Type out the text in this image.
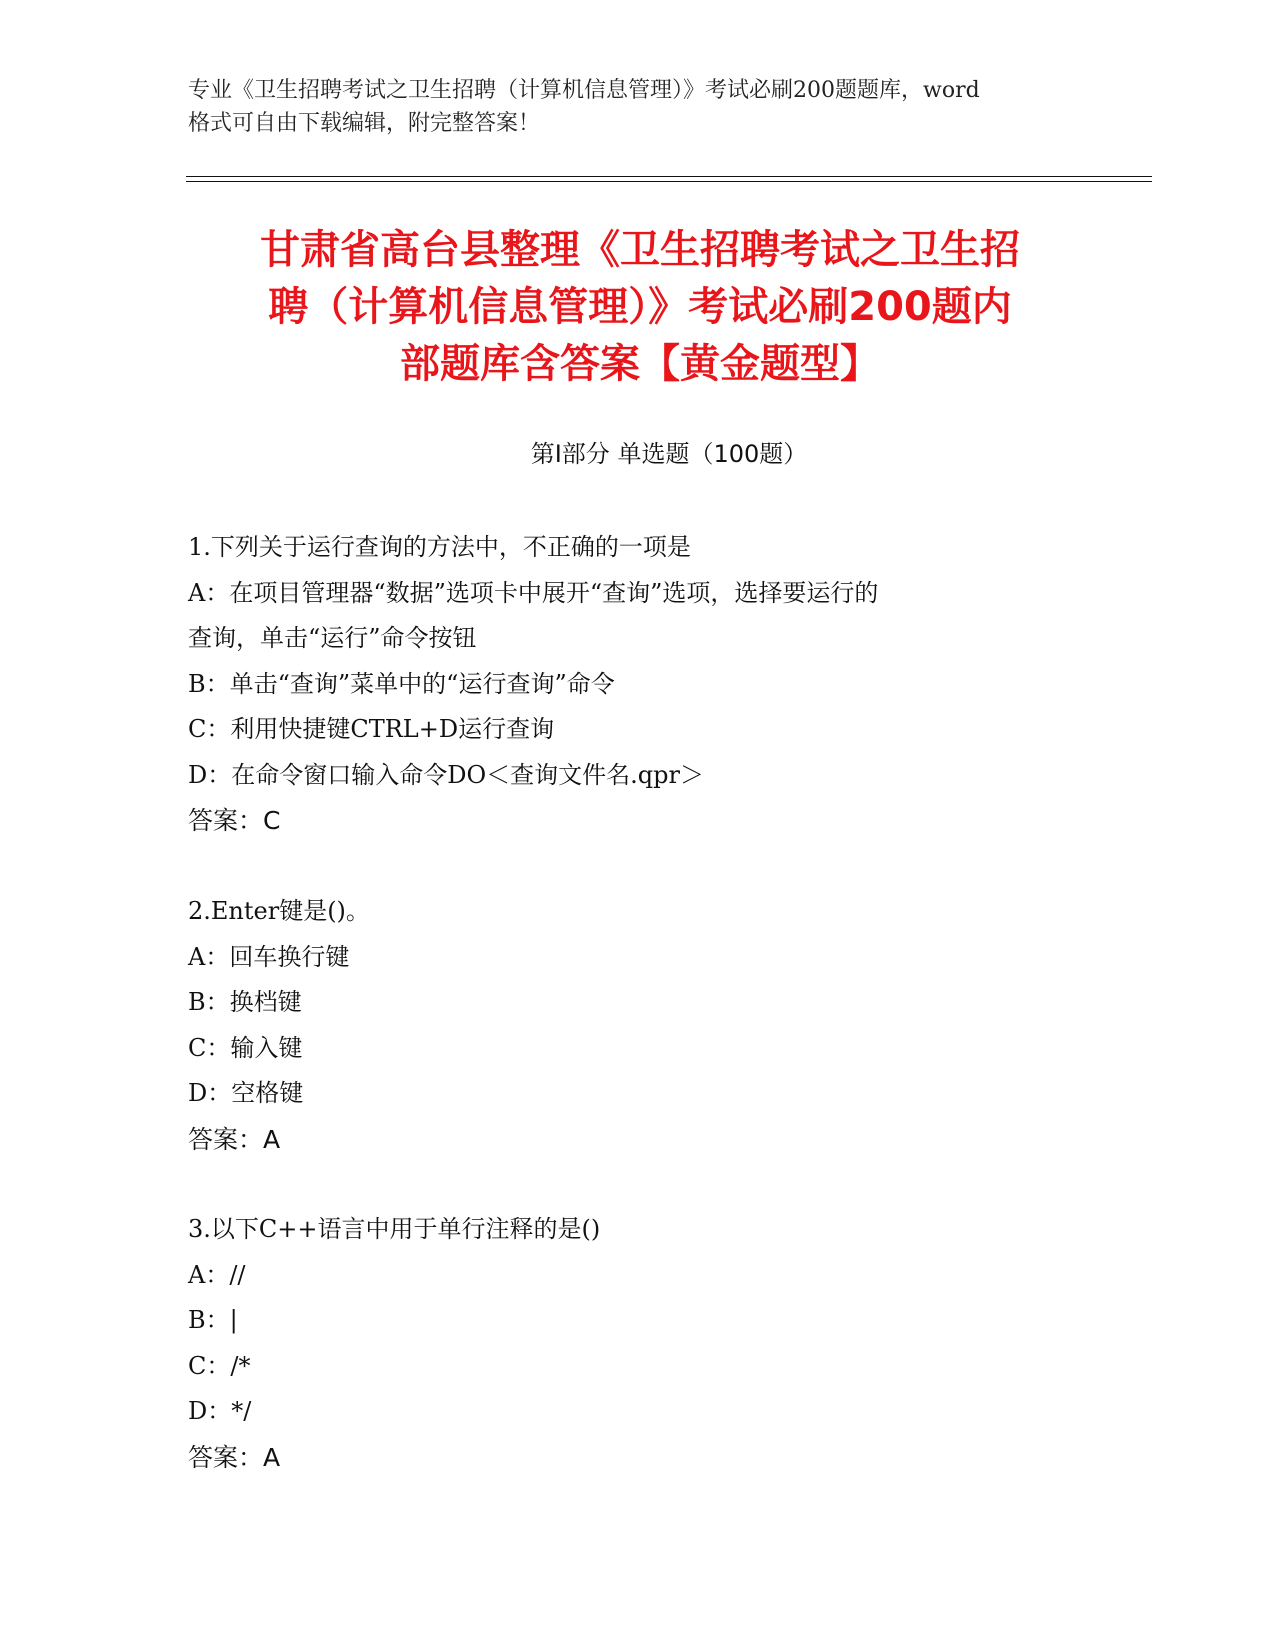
专业《卫生招聘考试之卫生招聘（计算机信息管理）》考试必刷200题题库，word
格式可自由下载编辑，附完整答案！
甘肃省高台县整理《卫生招聘考试之卫生招
聘（计算机信息管理）》考试必刷200题内
部题库含答案【黄金题型】
第Ⅰ部分 单选题（100题）

1.下列关于运行查询的方法中，不正确的一项是

A：在项目管理器“数据”选项卡中展开“查询”选项，选择要运行的

查询，单击“运行”命令按钮

B：单击“查询”菜单中的“运行查询”命令

C：利用快捷键CTRL+D运行查询

D：在命令窗口输入命令DO＜查询文件名.qpr＞

答案：C

2.Enter键是()。

A：回车换行键

B：换档键

C：输入键

D：空格键

答案：A

3.以下C++语言中用于单行注释的是()

A：//

B：|

C：/*

D：*/

答案：A
